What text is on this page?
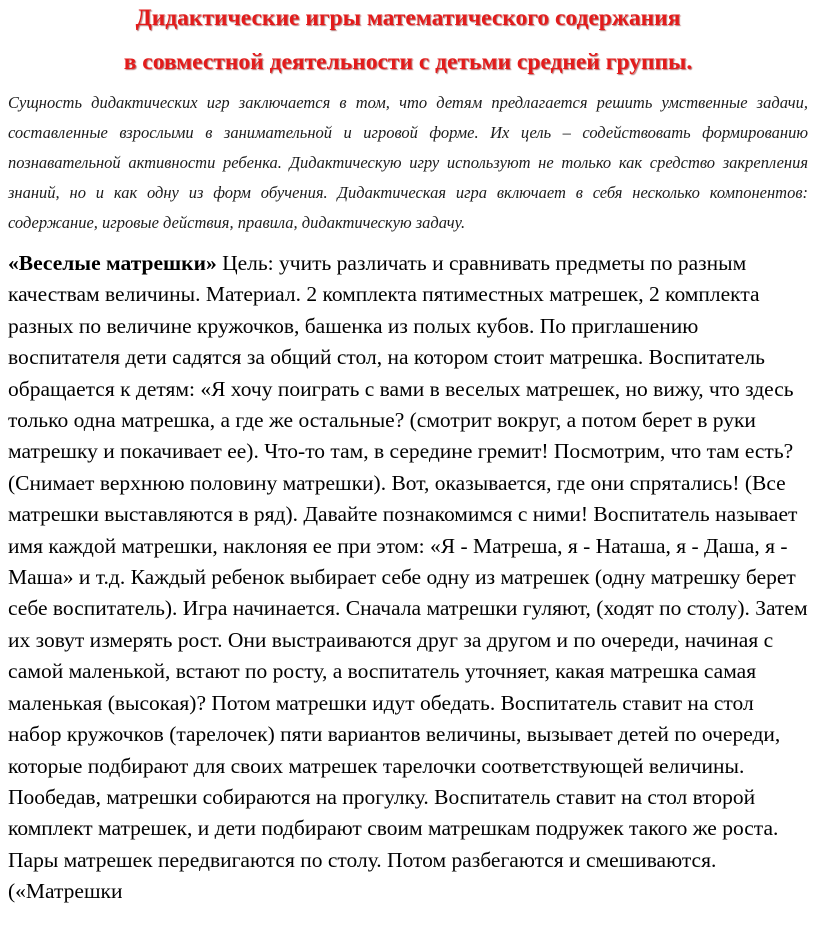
Дидактические игры математического содержания
в совместной деятельности с детьми средней группы.

Сущность дидактических игр заключается в том, что детям предлагается решить умственные задачи, составленные взрослыми в занимательной и игровой форме. Их цель – содействовать формированию познавательной активности ребенка. Дидактическую игру используют не только как средство закрепления знаний, но и как одну из форм обучения. Дидактическая игра включает в себя несколько компонентов: содержание, игровые действия, правила, дидактическую задачу.

«Веселые матрешки» Цель: учить различать и сравнивать предметы по разным качествам величины. Материал. 2 комплекта пятиместных матрешек, 2 комплекта разных по величине кружочков, башенка из полых кубов. По приглашению воспитателя дети садятся за общий стол, на котором стоит матрешка. Воспитатель обращается к детям: «Я хочу поиграть с вами в веселых матрешек, но вижу, что здесь только одна матрешка, а где же остальные? (смотрит вокруг, а потом берет в руки матрешку и покачивает ее). Что-то там, в середине гремит! Посмотрим, что там есть? (Снимает верхнюю половину матрешки). Вот, оказывается, где они спрятались! (Все матрешки выставляются в ряд). Давайте познакомимся с ними! Воспитатель называет имя каждой матрешки, наклоняя ее при этом: «Я - Матреша, я - Наташа, я - Даша, я - Маша» и т.д. Каждый ребенок выбирает себе одну из матрешек (одну матрешку берет себе воспитатель). Игра начинается. Сначала матрешки гуляют, (ходят по столу). Затем их зовут измерять рост. Они выстраиваются друг за другом и по очереди, начиная с самой маленькой, встают по росту, а воспитатель уточняет, какая матрешка самая маленькая (высокая)? Потом матрешки идут обедать. Воспитатель ставит на стол набор кружочков (тарелочек) пяти вариантов величины, вызывает детей по очереди, которые подбирают для своих матрешек тарелочки соответствующей величины. Пообедав, матрешки собираются на прогулку. Воспитатель ставит на стол второй комплект матрешек, и дети подбирают своим матрешкам подружек такого же роста. Пары матрешек передвигаются по столу. Потом разбегаются и смешиваются. («Матрешки
